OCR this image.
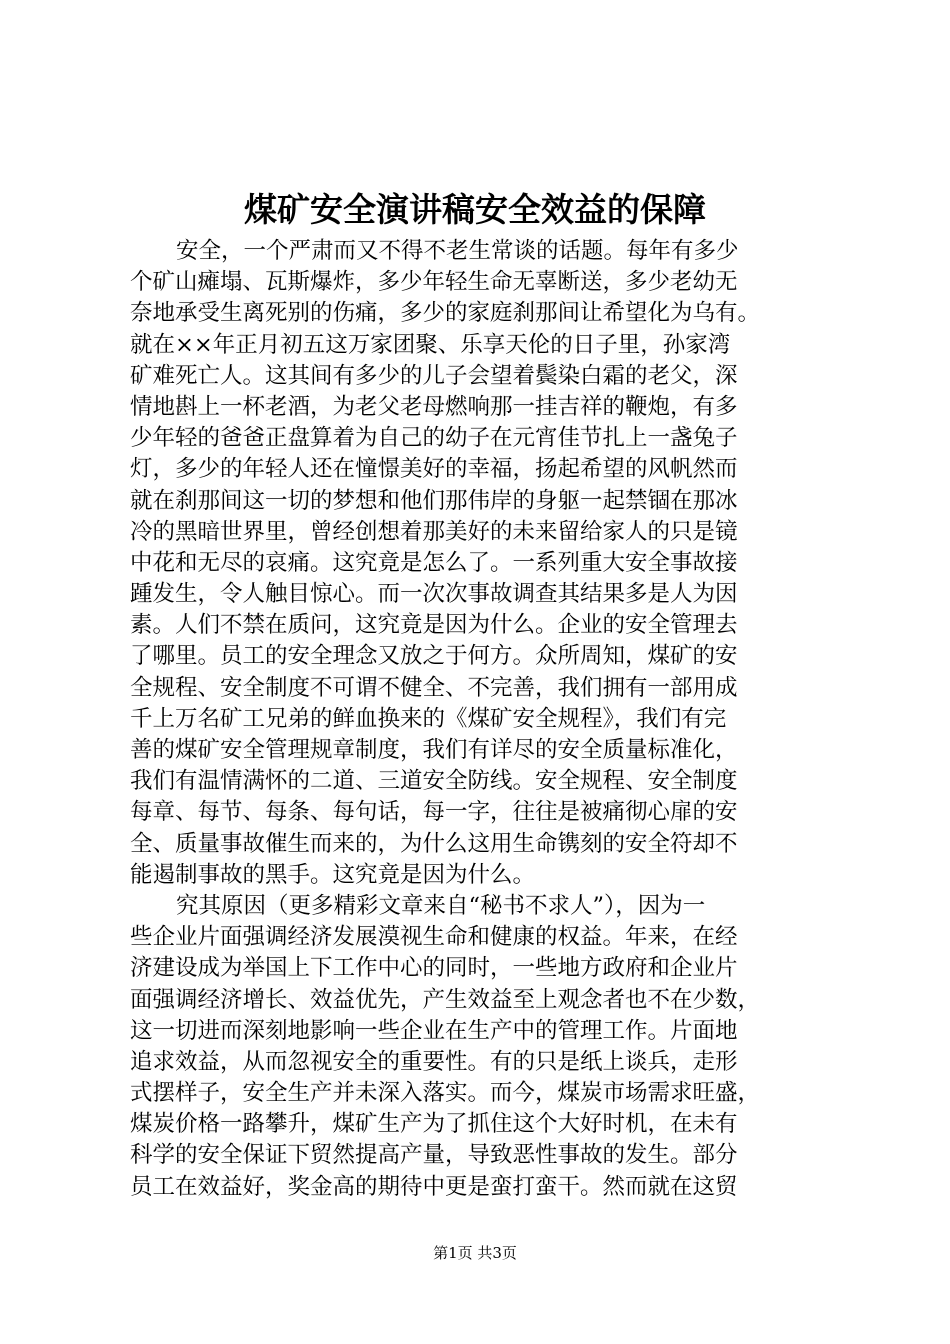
煤矿安全演讲稿安全效益的保障
安全，一个严肃而又不得不老生常谈的话题。每年有多少
个矿山瘫塌、瓦斯爆炸，多少年轻生命无辜断送，多少老幼无
奈地承受生离死别的伤痛，多少的家庭刹那间让希望化为乌有。
就在××年正月初五这万家团聚、乐享天伦的日子里，孙家湾
矿难死亡人。这其间有多少的儿子会望着鬓染白霜的老父，深
情地斟上一杯老酒，为老父老母燃响那一挂吉祥的鞭炮，有多
少年轻的爸爸正盘算着为自己的幼子在元宵佳节扎上一盏兔子
灯，多少的年轻人还在憧憬美好的幸福，扬起希望的风帆然而
就在刹那间这一切的梦想和他们那伟岸的身躯一起禁锢在那冰
冷的黑暗世界里，曾经创想着那美好的未来留给家人的只是镜
中花和无尽的哀痛。这究竟是怎么了。一系列重大安全事故接
踵发生，令人触目惊心。而一次次事故调查其结果多是人为因
素。人们不禁在质问，这究竟是因为什么。企业的安全管理去
了哪里。员工的安全理念又放之于何方。众所周知，煤矿的安
全规程、安全制度不可谓不健全、不完善，我们拥有一部用成
千上万名矿工兄弟的鲜血换来的《煤矿安全规程》，我们有完
善的煤矿安全管理规章制度，我们有详尽的安全质量标准化，
我们有温情满怀的二道、三道安全防线。安全规程、安全制度
每章、每节、每条、每句话，每一字，往往是被痛彻心扉的安
全、质量事故催生而来的，为什么这用生命镌刻的安全符却不
能遏制事故的黑手。这究竟是因为什么。
究其原因（更多精彩文章来自“秘书不求人”），因为一
些企业片面强调经济发展漠视生命和健康的权益。年来，在经
济建设成为举国上下工作中心的同时，一些地方政府和企业片
面强调经济增长、效益优先，产生效益至上观念者也不在少数，
这一切进而深刻地影响一些企业在生产中的管理工作。片面地
追求效益，从而忽视安全的重要性。有的只是纸上谈兵，走形
式摆样子，安全生产并未深入落实。而今，煤炭市场需求旺盛，
煤炭价格一路攀升，煤矿生产为了抓住这个大好时机，在未有
科学的安全保证下贸然提高产量，导致恶性事故的发生。部分
员工在效益好，奖金高的期待中更是蛮打蛮干。然而就在这贸
第1页 共3页
